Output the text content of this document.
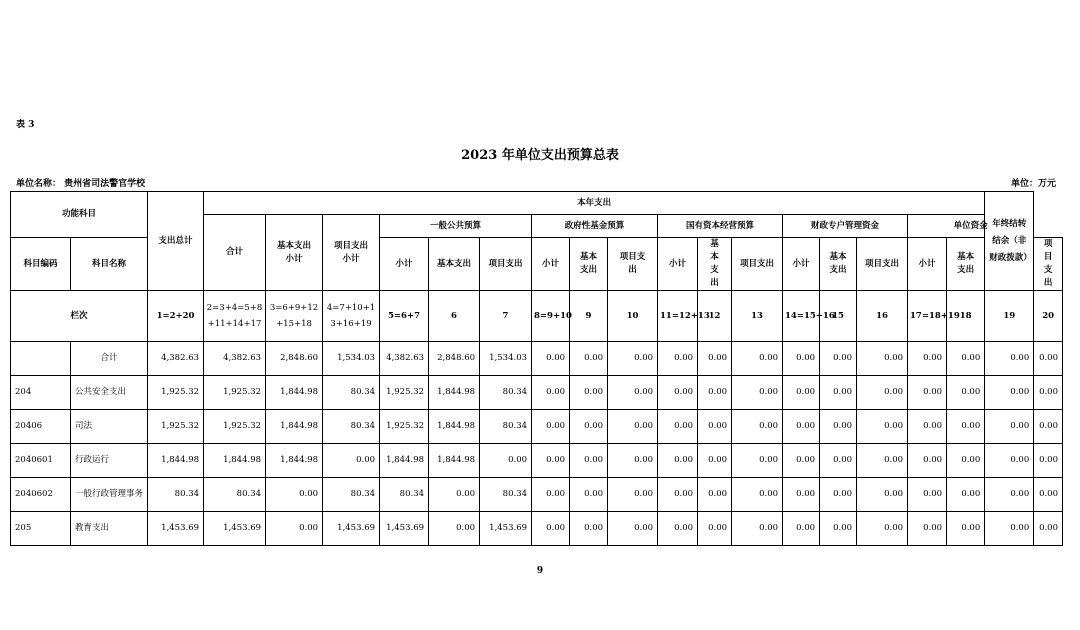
表 3
2023 年单位支出预算总表
单位名称： 贵州省司法警官学校	单位：万元
功能科目		支出总计	本年支出																	年终结转结余（非财政拨款）	
			合计	基本支出小计	项目支出小计	一般公共预算			政府性基金预算			国有资本经营预算			财政专户管理资金			单位资金			
科目编码	科目名称					小计	基本支出	项目支出	小计	基本支出	项目支出	小计	基本支出	项目支出	小计	基本支出	项目支出	小计	基本支出		项目支出
栏次		1=2+20	2=3+4=5+8+11+14+17	3=6+9+12+15+18	4=7+10+13+16+19	5=6+7	6	7	8=9+10	9	10	11=12+13	12	13	14=15+16	15	16	17=18+19	18	19	20
	合计	4,382.63	4,382.63	2,848.60	1,534.03	4,382.63	2,848.60	1,534.03	0.00	0.00	0.00	0.00	0.00	0.00	0.00	0.00	0.00	0.00	0.00	0.00	0.00
204	公共安全支出	1,925.32	1,925.32	1,844.98	80.34	1,925.32	1,844.98	80.34	0.00	0.00	0.00	0.00	0.00	0.00	0.00	0.00	0.00	0.00	0.00	0.00	0.00
20406	司法	1,925.32	1,925.32	1,844.98	80.34	1,925.32	1,844.98	80.34	0.00	0.00	0.00	0.00	0.00	0.00	0.00	0.00	0.00	0.00	0.00	0.00	0.00
2040601	行政运行	1,844.98	1,844.98	1,844.98	0.00	1,844.98	1,844.98	0.00	0.00	0.00	0.00	0.00	0.00	0.00	0.00	0.00	0.00	0.00	0.00	0.00	0.00
2040602	一般行政管理事务	80.34	80.34	0.00	80.34	80.34	0.00	80.34	0.00	0.00	0.00	0.00	0.00	0.00	0.00	0.00	0.00	0.00	0.00	0.00	0.00
205	教育支出	1,453.69	1,453.69	0.00	1,453.69	1,453.69	0.00	1,453.69	0.00	0.00	0.00	0.00	0.00	0.00	0.00	0.00	0.00	0.00	0.00	0.00	0.00
9
